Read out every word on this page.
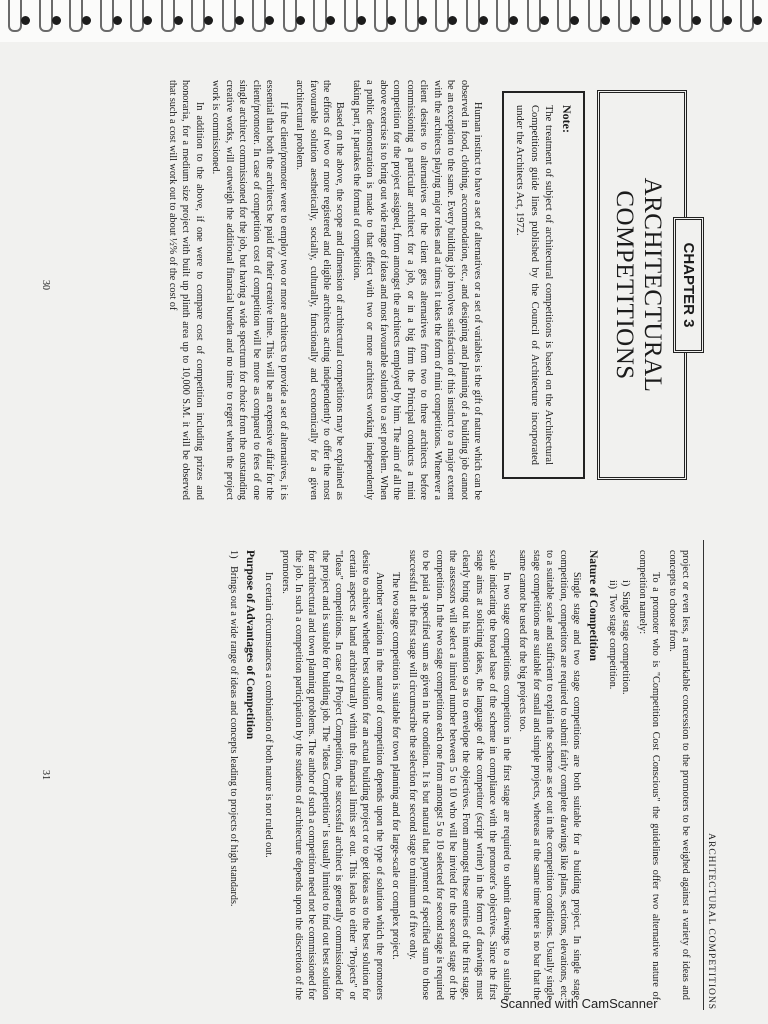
CHAPTER 3
ARCHITECTURAL COMPETITIONS
Note:
The treatment of subject of architectural competitions is based on the Architectural Competitions guide lines published by the Council of Architecture incorporated under the Architects Act, 1972.

Human instinct to have a set of alternatives or a set of variables is the gift of nature which can be observed in food, clothing, accommodation, etc., and designing and planning of a building job cannot be an exception to the same. Every building job involves satisfaction of this instinct to a major extent with the architects playing major roles and at times it takes the form of mini competitions. Whenever a client desires to alternatives or the client gets alternatives from two to three architects before commissioning a particular architect for a job, or in a big firm the Principal conducts a mini competition for the project assigned, from amongst the architects employed by him. The aim of all the above exercise is to bring out wide range of ideas and most favourable solution to a set problem. When a public demonstration is made to that effect with two or more architects working independently taking part, it partakes the format of competition.

Based on the above, the scope and dimension of architectural competitions may be explained as the efforts of two or more registered and eligible architects acting independently to offer the most favourable solution aesthetically, socially, culturally, functionally and economically for a given architectural problem.

If the client/promoter were to employ two or more architects to provide a set of alternatives, it is essential that both the architects be paid for their creative time. This will be an expensive affair for the client/promoter. In case of competition cost of competition will be more as compared to fees of one single architect commissioned for the job, but having a wide spectrum for choice from the outstanding creative works, will outweigh the additional financial burden and no time to regret when the project work is commissioned.

In addition to the above, if one were to compare cost of competition including prizes and honoraria, for a medium size project with built up plinth area up to 10,000 S.M. it will be observed that such a cost will work out to about ½% of the cost of

30
ARCHITECTURAL COMPETITIONS

project or even less, a remarkable concession to the promoters to be weighed against a variety of ideas and concepts to choose from.

To a promoter who is "Competition Cost Conscious" the guidelines offer two alternative nature of competition namely:

i)  Single stage competition.
ii)  Two stage competition.
Nature of Competition

Single stage and two stage competitions are both suitable for a building project. In single stage competition, competitors are required to submit fairly complete drawings like plans, sections, elevations, etc. to a suitable scale and sufficient to explain the scheme as set out in the competition conditions. Usually single stage competitions are suitable for small and simple projects, whereas at the same time there is no bar that the same cannot be used for the big projects too.

In two stage competitions competitors in the first stage are required to submit drawings to a suitable scale indicating the broad base of the scheme in compliance with the promoter's objectives. Since the first stage aims at soliciting ideas, the language of the competitor (script writer) in the form of drawings must clearly bring out his intention so as to envelope the objectives. From amongst these entries of the first stage, the assessors will select a limited number between 5 to 10 who will be invited for the second stage of the competition. In the two stage competition each one from amongst 5 to 10 selected for second stage is required to be paid a specified sum as given in the condition. It is but natural that payment of specified sum to those successful at the first stage will circumscribe the selection for second stage to minimum of five only.

The two stage competition is suitable for town planning and for large-scale or complex project.

Another variation in the nature of competition depends upon the type of solution which the promoters desire to achieve whether best solution for an actual building project or to get ideas as to the best solution for certain aspects at hand architecturally within the financial limits set out. This leads to either "Projects" or "Ideas" competitions. In case of Project Competition, the successful architect is generally commissioned for the project and is suitable for building job. The "Ideas Competition" is usually limited to find out best solution for architectural and town planning problems. The author of such a competition need not be commissioned for the job. In such a competition participation by the students of architecture depends upon the discretion of the promoters.

In certain circumstances a combination of both nature is not ruled out.

Purpose of Advantages of Competition
1)   Brings out a wide range of ideas and concepts leading to projects of high standards.
31
Scanned with CamScanner
